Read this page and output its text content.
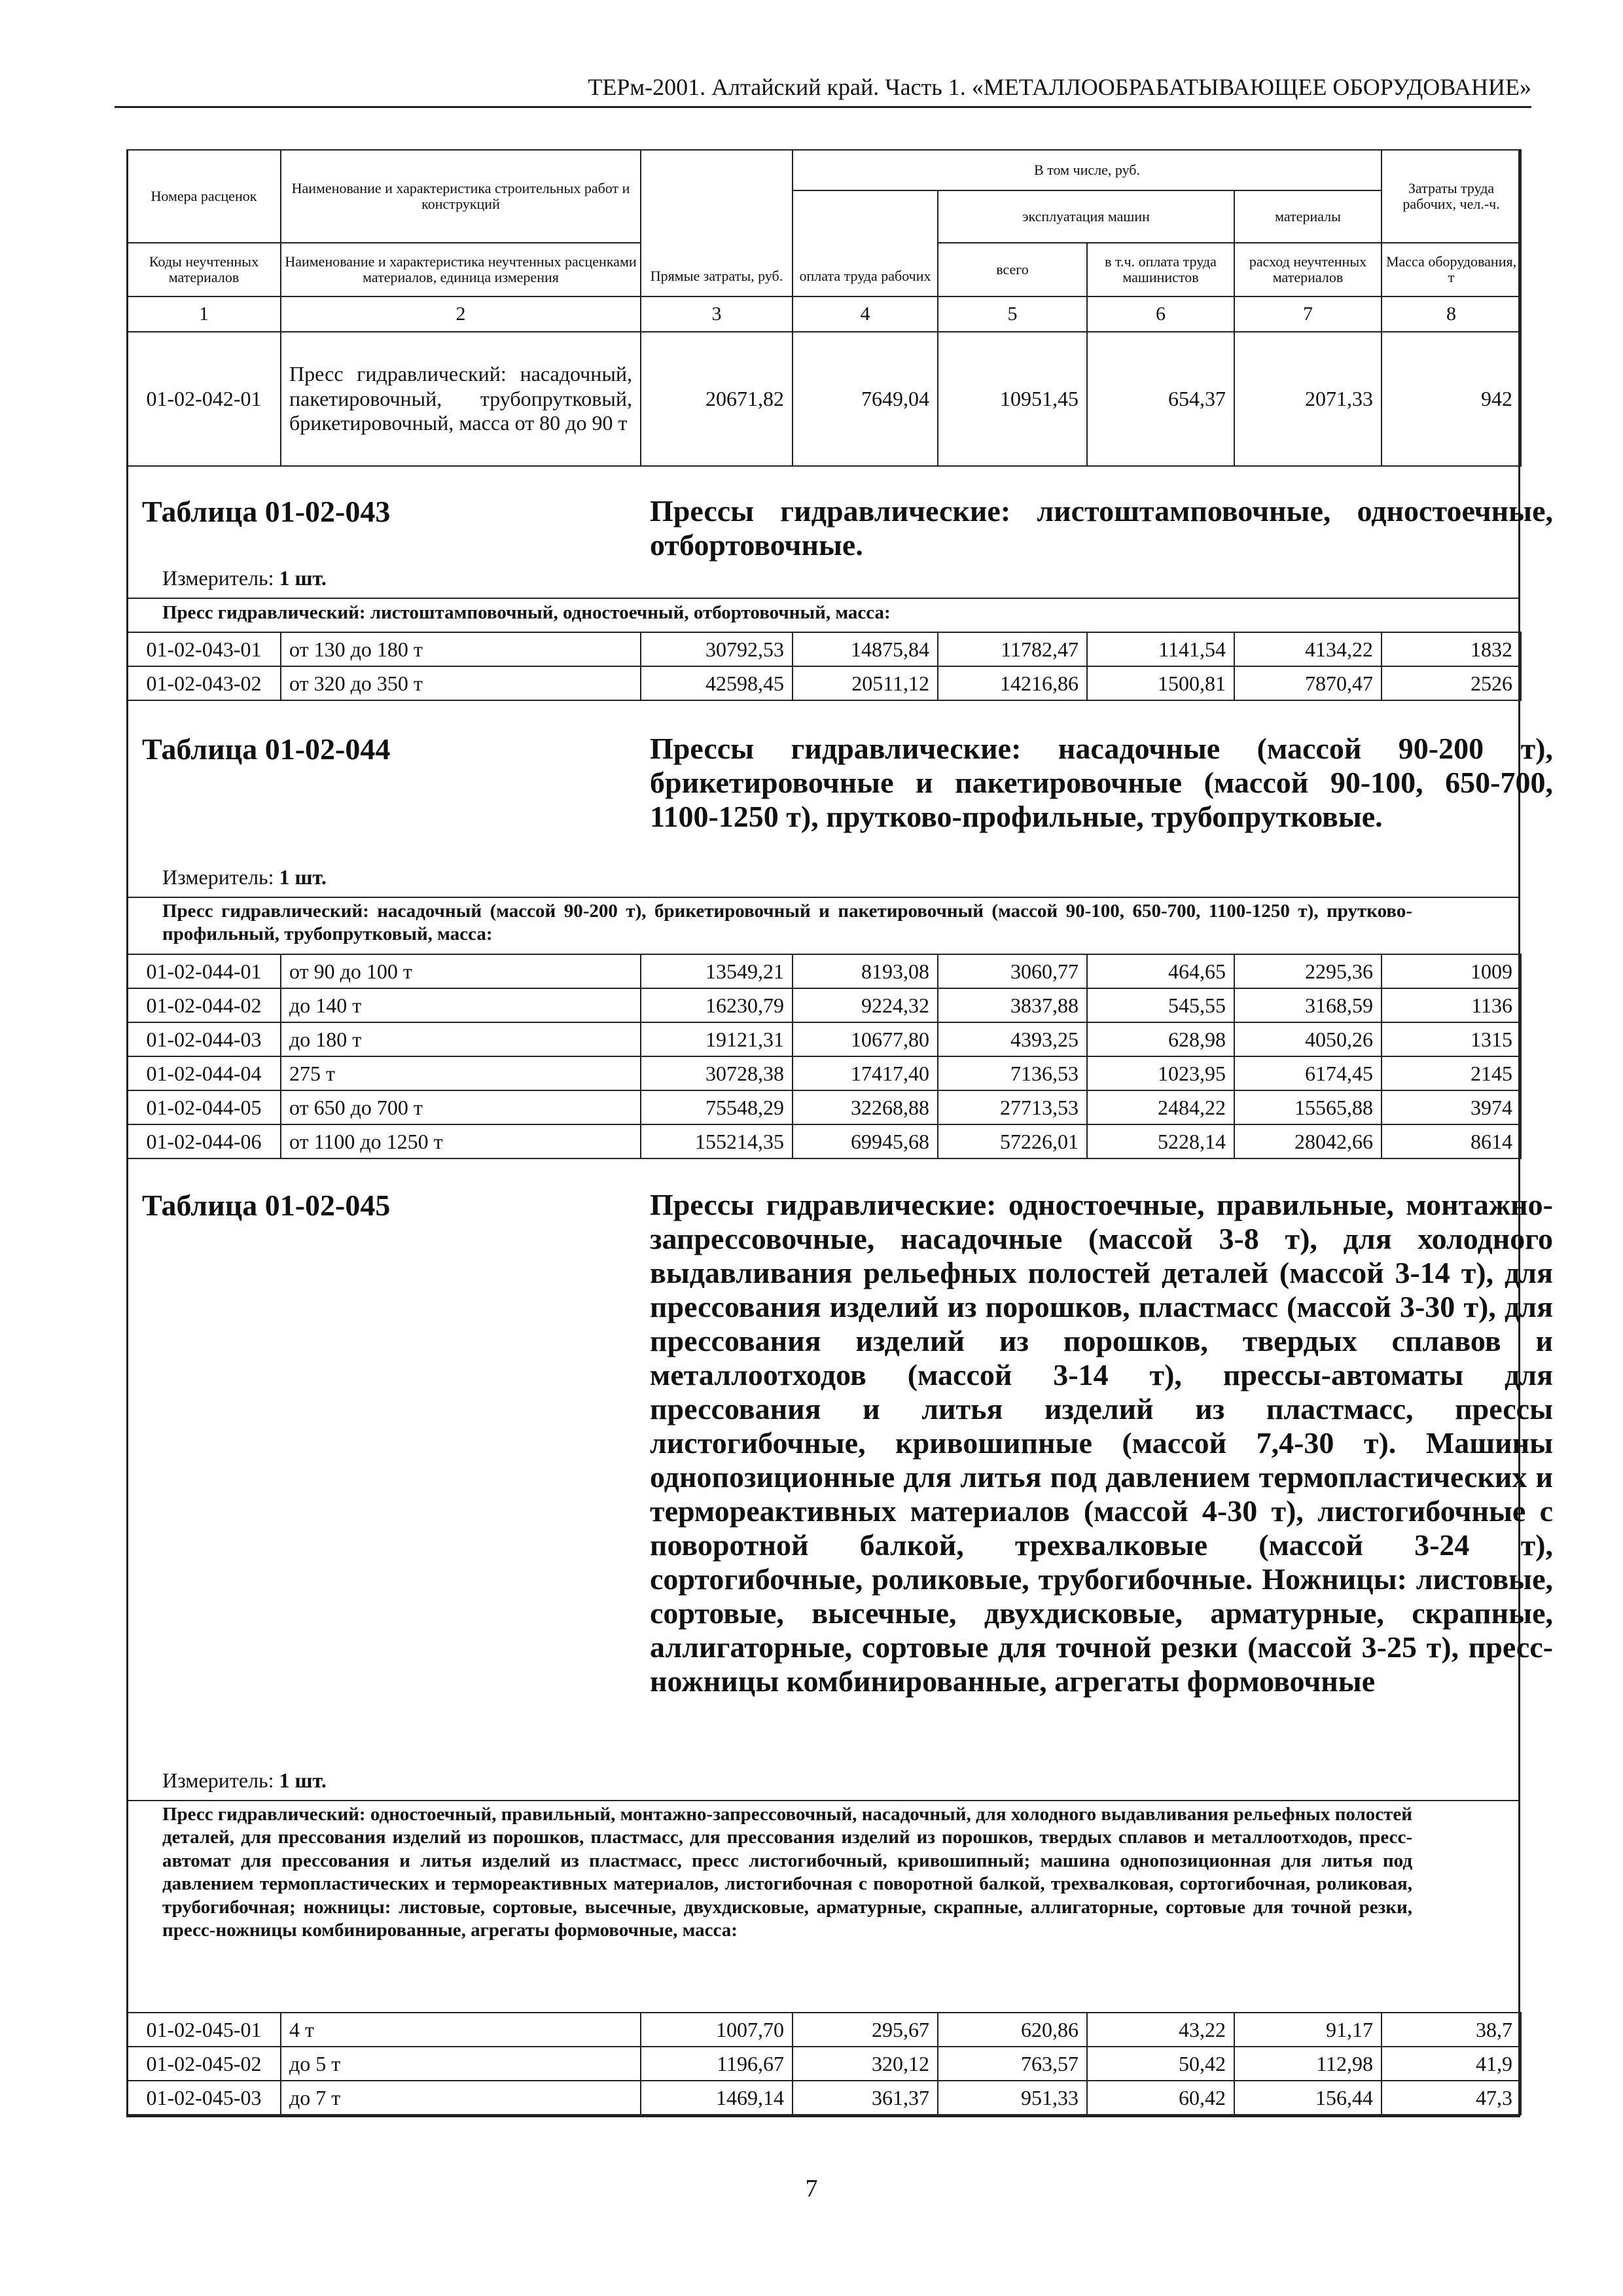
ТЕРм-2001. Алтайский край. Часть 1. «МЕТАЛЛООБРАБАТЫВАЮЩЕЕ ОБОРУДОВАНИЕ»
Номера расценок	Наименование и характеристика строительных работ и конструкций	Прямые затраты, руб.	В том числе, руб.				Затраты труда рабочих, чел.-ч.
			оплата труда рабочих	эксплуатация машин		материалы	
Коды неучтенных материалов	Наименование и характеристика неучтенных расценками материалов, единица измерения			всего	в т.ч. оплата труда машинистов	расход неучтенных материалов	Масса оборудования, т
1	2	3	4	5	6	7	8
01-02-042-01	Пресс гидравлический: насадочный, пакетировочный, трубопрутковый, брикетировочный, масса от 80 до 90 т	20671,82	7649,04	10951,45	654,37	2071,33	942
Таблица 01-02-043	Прессы гидравлические: листоштамповочные, одностоечные, отбортовочные.
Измеритель: 1 шт.
Пресс гидравлический: листоштамповочный, одностоечный, отбортовочный, масса:
01-02-043-01	от 130 до 180 т	30792,53	14875,84	11782,47	1141,54	4134,22	1832
01-02-043-02	от 320 до 350 т	42598,45	20511,12	14216,86	1500,81	7870,47	2526
Таблица 01-02-044	Прессы гидравлические: насадочные (массой 90-200 т), брикетировочные и пакетировочные (массой 90-100, 650-700, 1100-1250 т), прутково-профильные, трубопрутковые.
Измеритель: 1 шт.
Пресс гидравлический: насадочный (массой 90-200 т), брикетировочный и пакетировочный (массой 90-100, 650-700, 1100-1250 т), прутково-профильный, трубопрутковый, масса:
01-02-044-01	от 90 до 100 т	13549,21	8193,08	3060,77	464,65	2295,36	1009
01-02-044-02	до 140 т	16230,79	9224,32	3837,88	545,55	3168,59	1136
01-02-044-03	до 180 т	19121,31	10677,80	4393,25	628,98	4050,26	1315
01-02-044-04	275 т	30728,38	17417,40	7136,53	1023,95	6174,45	2145
01-02-044-05	от 650 до 700 т	75548,29	32268,88	27713,53	2484,22	15565,88	3974
01-02-044-06	от 1100 до 1250 т	155214,35	69945,68	57226,01	5228,14	28042,66	8614
Таблица 01-02-045	Прессы гидравлические: одностоечные, правильные, монтажно-запрессовочные, насадочные (массой 3-8 т), для холодного выдавливания рельефных полостей деталей (массой 3-14 т), для прессования изделий из порошков, пластмасс (массой 3-30 т), для прессования изделий из порошков, твердых сплавов и металлоотходов (массой 3-14 т), прессы-автоматы для прессования и литья изделий из пластмасс, прессы листогибочные, кривошипные (массой 7,4-30 т). Машины однопозиционные для литья под давлением термопластических и термореактивных материалов (массой 4-30 т), листогибочные с поворотной балкой, трехвалковые (массой 3-24 т), сортогибочные, роликовые, трубогибочные. Ножницы: листовые, сортовые, высечные, двухдисковые, арматурные, скрапные, аллигаторные, сортовые для точной резки (массой 3-25 т), пресс-ножницы комбинированные, агрегаты формовочные
Измеритель: 1 шт.
Пресс гидравлический: одностоечный, правильный, монтажно-запрессовочный, насадочный, для холодного выдавливания рельефных полостей деталей, для прессования изделий из порошков, пластмасс, для прессования изделий из порошков, твердых сплавов и металлоотходов, пресс-автомат для прессования и литья изделий из пластмасс, пресс листогибочный, кривошипный; машина однопозиционная для литья под давлением термопластических и термореактивных материалов, листогибочная с поворотной балкой, трехвалковая, сортогибочная, роликовая, трубогибочная; ножницы: листовые, сортовые, высечные, двухдисковые, арматурные, скрапные, аллигаторные, сортовые для точной резки, пресс-ножницы комбинированные, агрегаты формовочные, масса:
01-02-045-01	4 т	1007,70	295,67	620,86	43,22	91,17	38,7
01-02-045-02	до 5 т	1196,67	320,12	763,57	50,42	112,98	41,9
01-02-045-03	до 7 т	1469,14	361,37	951,33	60,42	156,44	47,3
7
